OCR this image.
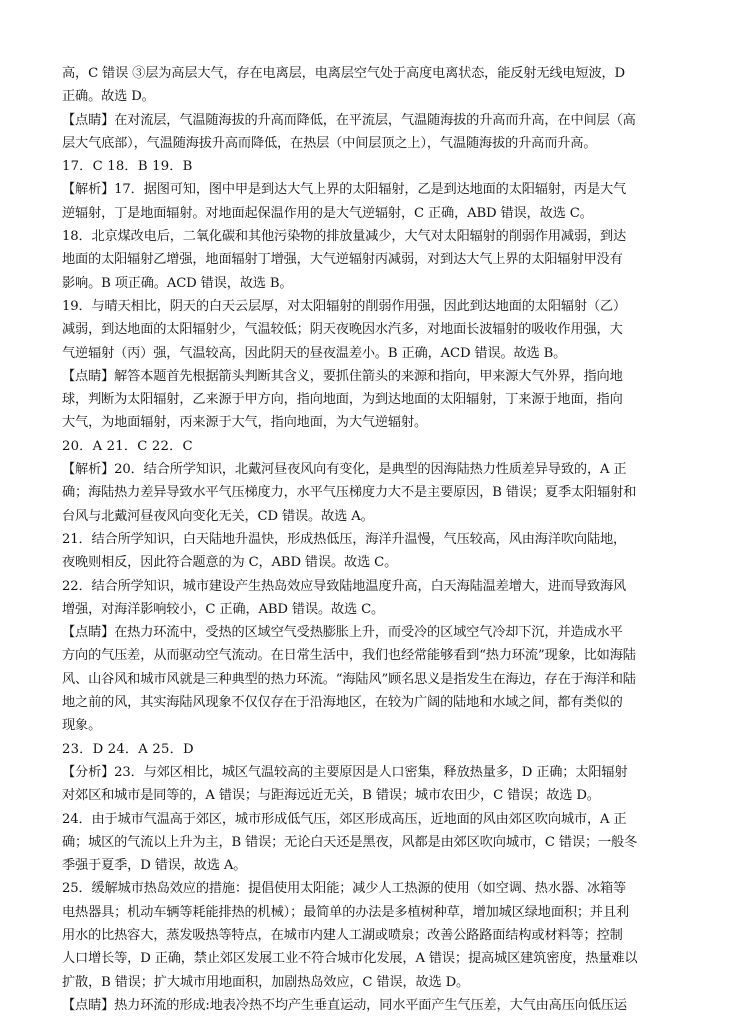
高，C 错误 ③层为高层大气，存在电离层，电离层空气处于高度电离状态，能反射无线电短波，D
正确。故选 D。
【点睛】在对流层，气温随海拔的升高而降低，在平流层，气温随海拔的升高而升高，在中间层（高
层大气底部），气温随海拔升高而降低，在热层（中间层顶之上），气温随海拔的升高而升高。
17．C 18．B 19．B
【解析】17．据图可知，图中甲是到达大气上界的太阳辐射，乙是到达地面的太阳辐射，丙是大气
逆辐射，丁是地面辐射。对地面起保温作用的是大气逆辐射，C 正确，ABD 错误，故选 C。
18．北京煤改电后，二氧化碳和其他污染物的排放量减少，大气对太阳辐射的削弱作用减弱，到达
地面的太阳辐射乙增强，地面辐射丁增强，大气逆辐射丙减弱，对到达大气上界的太阳辐射甲没有
影响。B 项正确。ACD 错误，故选 B。
19．与晴天相比，阴天的白天云层厚，对太阳辐射的削弱作用强，因此到达地面的太阳辐射（乙）
减弱，到达地面的太阳辐射少，气温较低；阴天夜晚因水汽多，对地面长波辐射的吸收作用强，大
气逆辐射（丙）强，气温较高，因此阴天的昼夜温差小。B 正确，ACD 错误。故选 B。
【点睛】解答本题首先根据箭头判断其含义，要抓住箭头的来源和指向，甲来源大气外界，指向地
球，判断为太阳辐射，乙来源于甲方向，指向地面，为到达地面的太阳辐射，丁来源于地面，指向
大气，为地面辐射，丙来源于大气，指向地面，为大气逆辐射。
20．A 21．C 22．C
【解析】20．结合所学知识，北戴河昼夜风向有变化，是典型的因海陆热力性质差异导致的，A 正
确；海陆热力差异导致水平气压梯度力，水平气压梯度力大不是主要原因，B 错误；夏季太阳辐射和
台风与北戴河昼夜风向变化无关，CD 错误。故选 A。
21．结合所学知识，白天陆地升温快，形成热低压，海洋升温慢，气压较高，风由海洋吹向陆地，
夜晚则相反，因此符合题意的为 C，ABD 错误。故选 C。
22．结合所学知识，城市建设产生热岛效应导致陆地温度升高，白天海陆温差增大，进而导致海风
增强，对海洋影响较小，C 正确，ABD 错误。故选 C。
【点睛】在热力环流中，受热的区域空气受热膨胀上升，而受冷的区域空气冷却下沉，并造成水平
方向的气压差，从而驱动空气流动。在日常生活中，我们也经常能够看到“热力环流”现象，比如海陆
风、山谷风和城市风就是三种典型的热力环流。“海陆风”顾名思义是指发生在海边，存在于海洋和陆
地之前的风，其实海陆风现象不仅仅存在于沿海地区，在较为广阔的陆地和水域之间，都有类似的
现象。
23．D 24．A 25．D
【分析】23．与郊区相比，城区气温较高的主要原因是人口密集，释放热量多，D 正确；太阳辐射
对郊区和城市是同等的，A 错误；与距海远近无关，B 错误；城市农田少，C 错误；故选 D。
24．由于城市气温高于郊区，城市形成低气压，郊区形成高压，近地面的风由郊区吹向城市，A 正
确；城区的气流以上升为主，B 错误；无论白天还是黑夜，风都是由郊区吹向城市，C 错误；一般冬
季强于夏季，D 错误，故选 A。
25．缓解城市热岛效应的措施：提倡使用太阳能；减少人工热源的使用（如空调、热水器、冰箱等
电热器具；机动车辆等耗能排热的机械）；最简单的办法是多植树种草，增加城区绿地面积；并且利
用水的比热容大，蒸发吸热等特点，在城市内建人工湖或喷泉；改善公路路面结构或材料等；控制
人口增长等，D 正确，禁止郊区发展工业不符合城市化发展，A 错误；提高城区建筑密度，热量难以
扩散，B 错误；扩大城市用地面积，加剧热岛效应，C 错误，故选 D。
【点睛】热力环流的形成:地表冷热不均产生垂直运动，同水平面产生气压差，大气由高压向低压运
